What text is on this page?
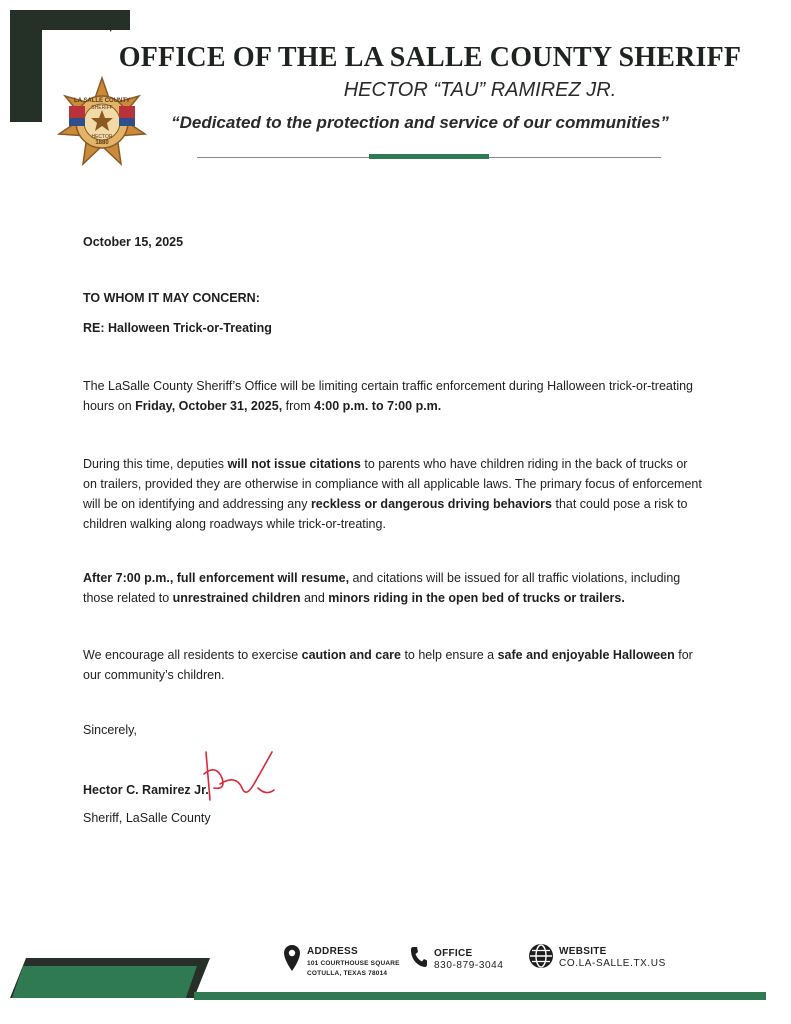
LA SALLE COUNTY
1880
SHERIFF
HECTOR
OFFICE OF THE LA SALLE COUNTY SHERIFF
HECTOR “TAU” RAMIREZ JR.
“Dedicated to the protection and service of our communities”
October 15, 2025
TO WHOM IT MAY CONCERN:
RE: Halloween Trick-or-Treating
The LaSalle County Sheriff’s Office will be limiting certain traffic enforcement during Halloween trick-or-treating hours on Friday, October 31, 2025, from 4:00 p.m. to 7:00 p.m.
During this time, deputies will not issue citations to parents who have children riding in the back of trucks or on trailers, provided they are otherwise in compliance with all applicable laws. The primary focus of enforcement will be on identifying and addressing any reckless or dangerous driving behaviors that could pose a risk to children walking along roadways while trick-or-treating.
After 7:00 p.m., full enforcement will resume, and citations will be issued for all traffic violations, including those related to unrestrained children and minors riding in the open bed of trucks or trailers.
We encourage all residents to exercise caution and care to help ensure a safe and enjoyable Halloween for our community’s children.
Sincerely,
Hector C. Ramirez Jr.
Sheriff, LaSalle County
ADDRESS
101 COURTHOUSE SQUARE
COTULLA, TEXAS 78014
OFFICE
830-879-3044
WEBSITE
CO.LA-SALLE.TX.US
